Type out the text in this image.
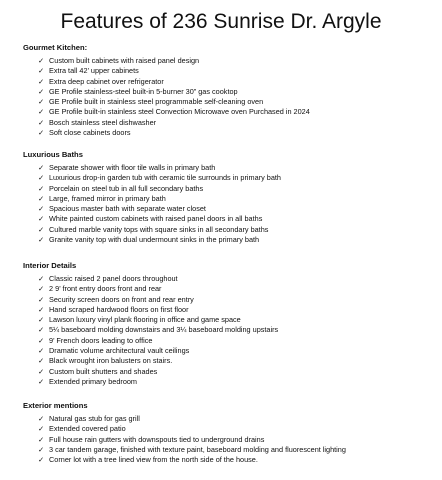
Features of 236 Sunrise Dr. Argyle
Gourmet Kitchen:
✓ Custom built cabinets with raised panel design
✓ Extra tall 42’ upper cabinets
✓ Extra deep cabinet over refrigerator
✓ GE Profile stainless-steel built-in 5-burner 30” gas cooktop
✓ GE Profile built in stainless steel programmable self-cleaning oven
✓ GE Profile built-in stainless steel Convection Microwave oven Purchased in 2024
✓ Bosch stainless steel dishwasher
✓ Soft close cabinets doors
Luxurious Baths
✓ Separate shower with floor tile walls in primary bath
✓ Luxurious drop-in garden tub with ceramic tile surrounds in primary bath
✓ Porcelain on steel tub in all full secondary baths
✓ Large, framed mirror in primary bath
✓ Spacious master bath with separate water closet
✓ White painted custom cabinets with raised panel doors in all baths
✓ Cultured marble vanity tops with square sinks in all secondary baths
✓ Granite vanity top with dual undermount sinks in the primary bath
Interior Details
✓ Classic raised 2 panel doors throughout
✓ 2 9’ front entry doors front and rear
✓ Security screen doors on front and rear entry
✓ Hand scraped hardwood floors on first floor
✓ Lawson luxury vinyl plank flooring in office and game space
✓ 5¼ baseboard molding downstairs and 3¼ baseboard molding upstairs
✓ 9’ French doors leading to office
✓ Dramatic volume architectural vault ceilings
✓ Black wrought iron balusters on stairs.
✓ Custom built shutters and shades
✓ Extended primary bedroom
Exterior mentions
✓ Natural gas stub for gas grill
✓ Extended covered patio
✓ Full house rain gutters with downspouts tied to underground drains
✓ 3 car tandem garage, finished with texture paint, baseboard molding and fluorescent lighting
✓ Corner lot with a tree lined view from the north side of the house.
